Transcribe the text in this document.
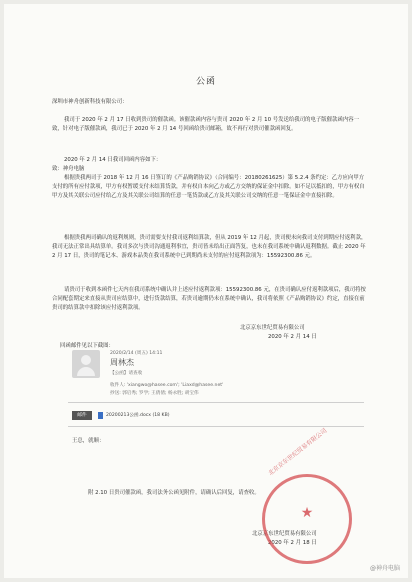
公函

深圳市神舟创新科技有限公司：

我司于 2020 年 2 月 17 日收到贵司的催款函。该催款函内容与贵司 2020 年 2 月 10 号发送给我司的电子版催款函内容一致，针对电子版催款函，我司已于 2020 年 2 月 14 号回函给贵司邮箱，故不再行对贵司催款函回复。

2020 年 2 月 14 日我司回函内容如下：

致：神舟电脑

根据贵我两司于 2018 年 12 月 16 日签订的《产品购销协议》（合同编号：20180261625）第 5.2.4 条约定：乙方应向甲方支付的所有应付款项，甲方有权暂缓支付未结算货款，并有权自本向乙方或乙方交纳的保证金中扣除。如不足以抵扣的，甲方有权自甲方及其关联公司应付给乙方及其关联公司结算的任意一笔货款或乙方及其关联公司交纳的任意一笔保证金中直接扣除。

根据贵我两司确认的返利规则，贵司需要支付我司返利结算款，但从 2019 年 12 月起，贵司便未向我司支付到期应付返利款，我司无法正常出具结算单。我司多次与贵司沟通返利事宜，贵司皆未给出正面答复，也未在我司系统中确认返利数据。截止 2020 年 2 月 17 日，贵司的笔记本、游戏本品类在我司系统中已到期尚未支付的应付返利款项为：15592300.86 元。

请贵司于收到本函件七天内在我司系统中确认并上述应付返利款项：15592300.86 元，在贵司确认应付返利款项后，我司将按合同配套期定来直接从贵司应结算中，进行货款结算，若贵司逾期仍未在系统中确认，我司将依照《产品购销协议》约定，直接在前贵司的结算款中扣除该应付返利款项。

北京京东世纪贸易有限公司
2020 年 2 月 14 日

回函邮件见以下截图：

2020/2/14 (周五) 14:11
周林杰
【公函】请查收
收件人: 'xiangwo@hasee.com'; 'Liaxd@hasee.net'
抄送: 郭启秀; 罗学; 王倩倩; 杨永胜; 胡宝伟
邮件	20200213公函.docx (18 KB)
王总，就顺：
附 2.10 日贵司催款函，我司法务公函见附件，请确认后回复，请查收。
北京京东世纪贸易有限公司
2020 年 2 月 18 日
★
北京京东世纪贸易有限公司
@神舟电脑
